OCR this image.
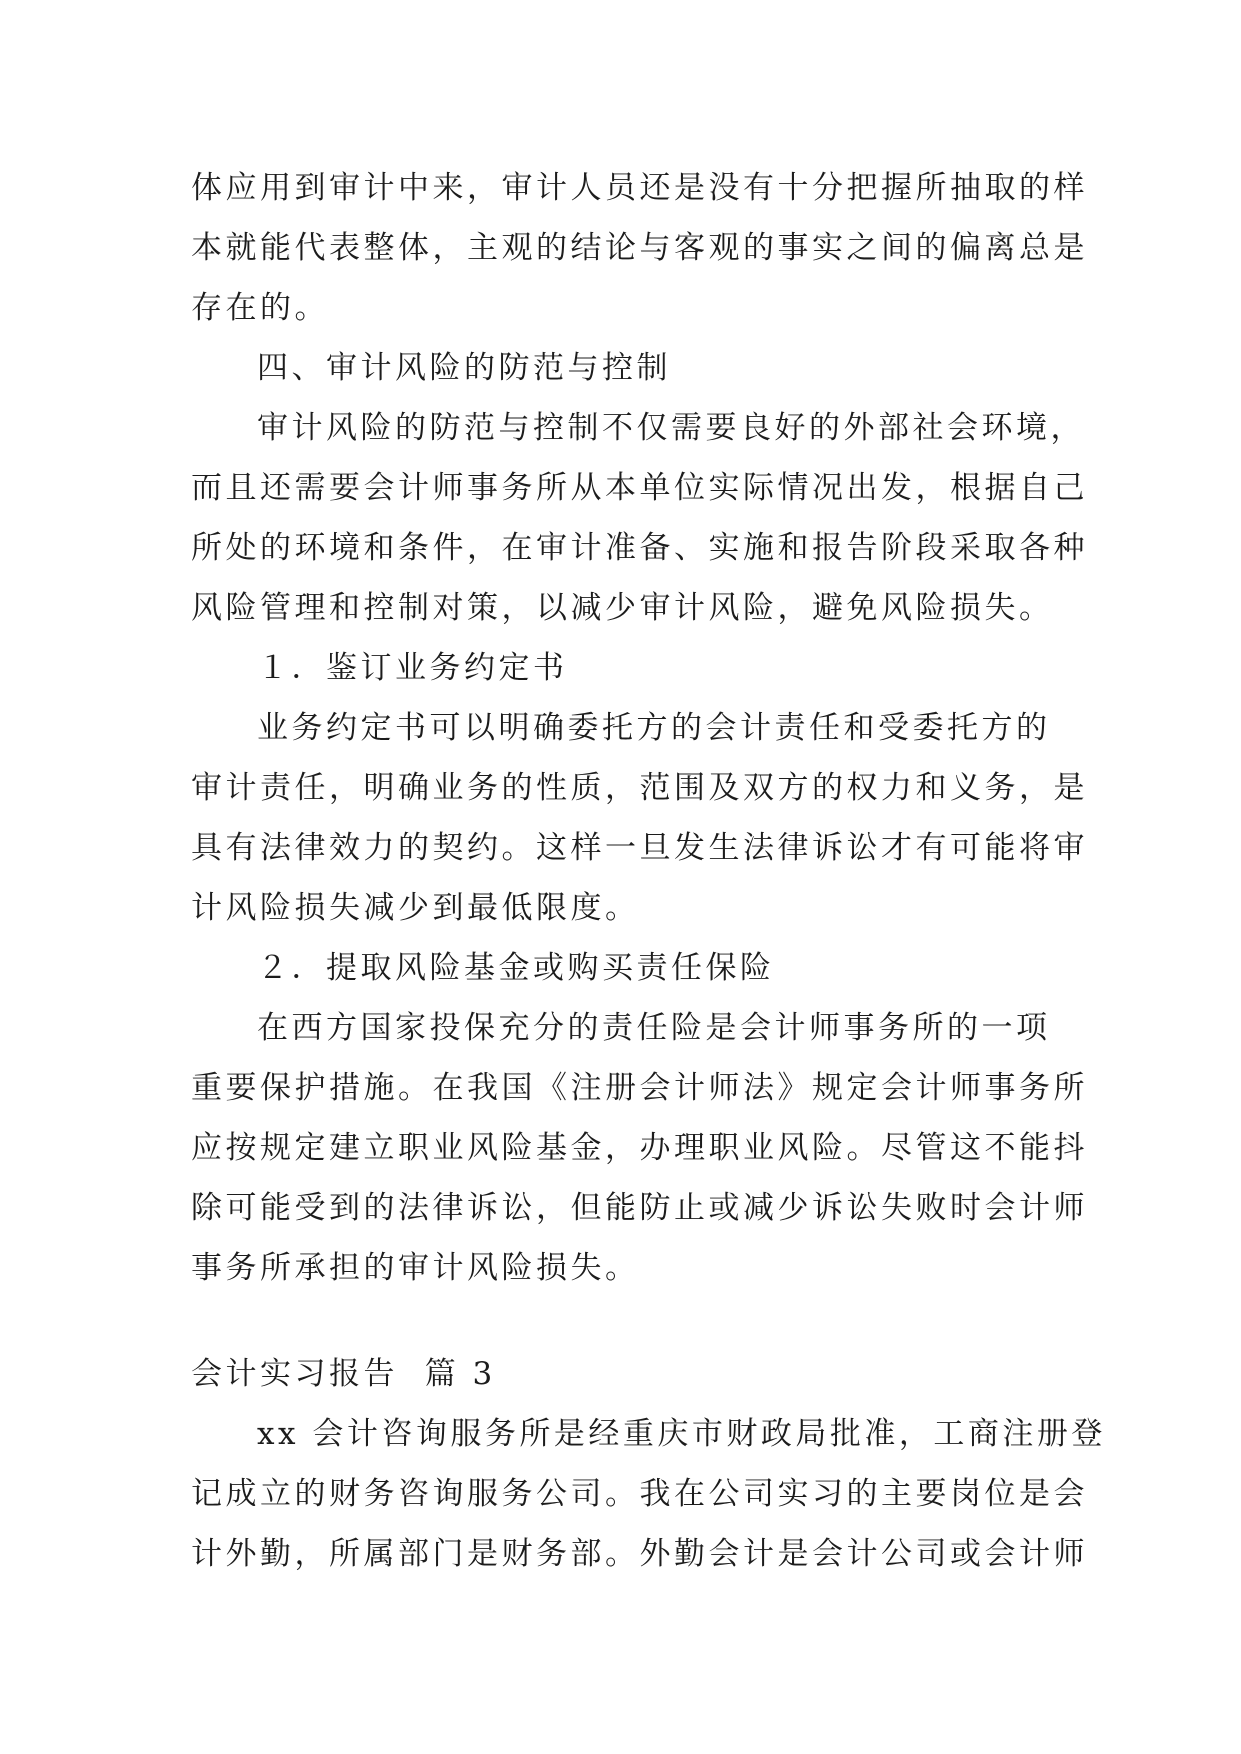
体应用到审计中来，审计人员还是没有十分把握所抽取的样
本就能代表整体，主观的结论与客观的事实之间的偏离总是
存在的。
四、审计风险的防范与控制
审计风险的防范与控制不仅需要良好的外部社会环境，
而且还需要会计师事务所从本单位实际情况出发，根据自己
所处的环境和条件，在审计准备、实施和报告阶段采取各种
风险管理和控制对策，以减少审计风险，避免风险损失。
１．鉴订业务约定书
业务约定书可以明确委托方的会计责任和受委托方的
审计责任，明确业务的性质，范围及双方的权力和义务，是
具有法律效力的契约。这样一旦发生法律诉讼才有可能将审
计风险损失减少到最低限度。
２．提取风险基金或购买责任保险
在西方国家投保充分的责任险是会计师事务所的一项
重要保护措施。在我国《注册会计师法》规定会计师事务所
应按规定建立职业风险基金，办理职业风险。尽管这不能抖
除可能受到的法律诉讼，但能防止或减少诉讼失败时会计师
事务所承担的审计风险损失。
会计实习报告  篇 3
xx 会计咨询服务所是经重庆市财政局批准，工商注册登
记成立的财务咨询服务公司。我在公司实习的主要岗位是会
计外勤，所属部门是财务部。外勤会计是会计公司或会计师
